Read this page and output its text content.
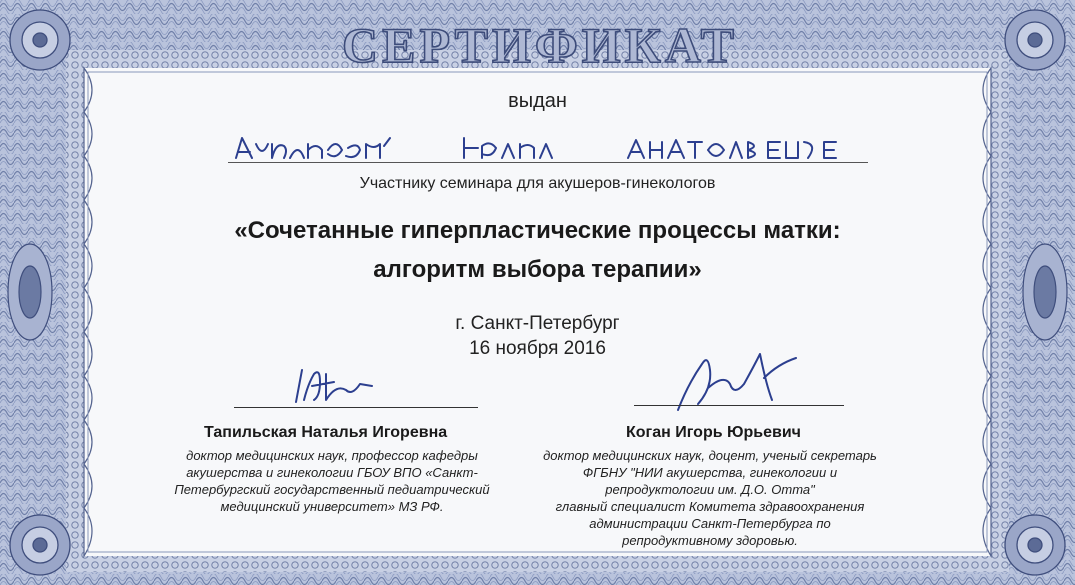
СЕРТИФИКАТ
выдан
Участнику семинара для акушеров-гинекологов
«Сочетанные гиперпластические процессы матки:
алгоритм выбора терапии»
г. Санкт-Петербург
16 ноября 2016
Тапильская Наталья Игоревна
доктор медицинских наук, профессор кафедры
акушерства и гинекологии ГБОУ ВПО «Санкт-
Петербургский государственный педиатрический
медицинский университет» МЗ РФ.
Коган Игорь Юрьевич
доктор медицинских наук, доцент, ученый секретарь
ФГБНУ "НИИ акушерства, гинекологии и
репродуктологии им. Д.О. Отта"
главный специалист Комитета здравоохранения
администрации Санкт-Петербурга по
репродуктивному здоровью.
